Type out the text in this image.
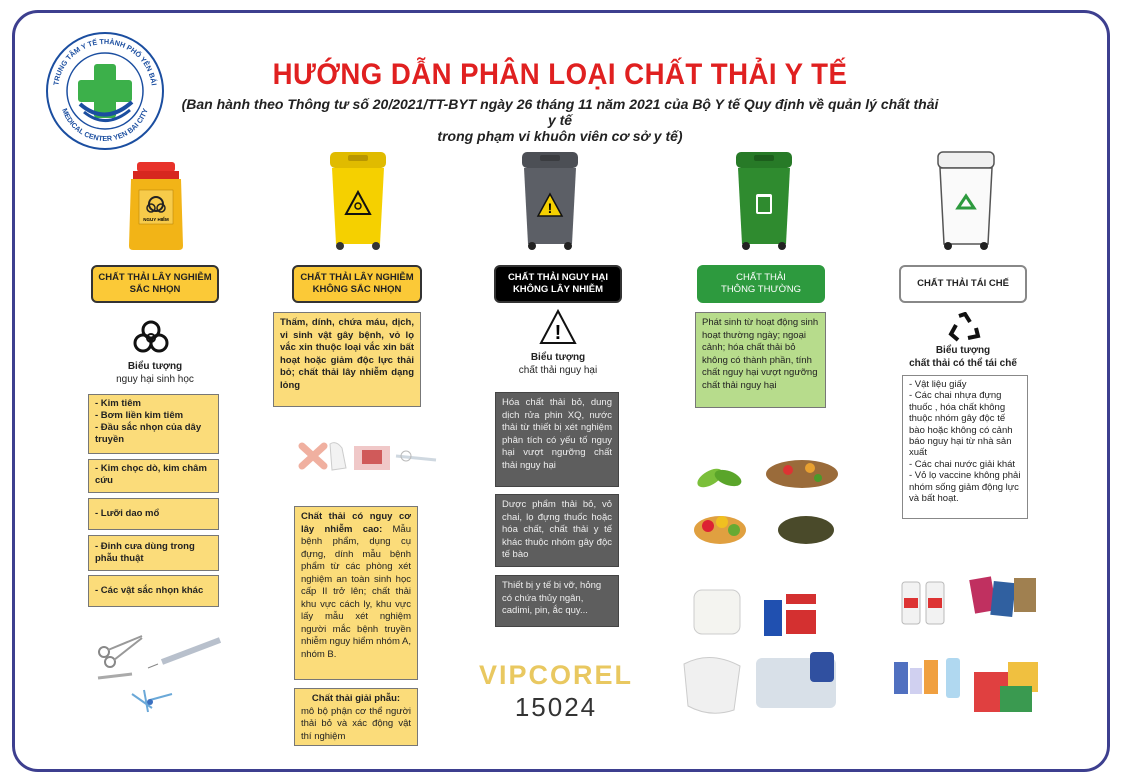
TRUNG TÂM Y TẾ THÀNH PHỐ YÊN BÁI
MEDICAL CENTER YEN BAI CITY
HƯỚNG DẪN PHÂN LOẠI CHẤT THẢI Y TẾ
(Ban hành theo Thông tư số 20/2021/TT-BYT ngày 26 tháng 11 năm 2021 của Bộ Y tế Quy định về quản lý chất thải y tế
trong phạm vi khuôn viên cơ sở y tế)
NGUY HIỂM
CHẤT THẢI LÂY NGHIỄM
SẮC NHỌN
Biểu tượng
nguy hại sinh học
- Kim tiêm
- Bơm liền kim tiêm
- Đầu sắc nhọn của dây truyền
- Kim chọc dò, kim châm cứu
- Lưỡi dao mổ
- Đinh cưa dùng trong phẫu thuật
- Các vật sắc nhọn khác
CHẤT THẢI LÂY NGHIỄM
KHÔNG SẮC NHỌN
Thấm, dính, chứa máu, dịch, vi sinh vật gây bệnh, vỏ lọ vắc xin thuộc loại vắc xin bất hoạt hoặc giảm độc lực thải bỏ; chất thải lây nhiễm dạng lỏng
Chất thải có nguy cơ lây nhiễm cao: Mẫu bệnh phẩm, dụng cụ đựng, dính mẫu bệnh phẩm từ các phòng xét nghiệm an toàn sinh học cấp II trở lên; chất thải khu vực cách ly, khu vực lấy mẫu xét nghiệm người mắc bệnh truyền nhiễm nguy hiểm nhóm A, nhóm B.
Chất thải giải phẫu:
mô bộ phận cơ thể người thải bỏ và xác động vật thí nghiệm
!
CHẤT THẢI NGUY HẠI
KHÔNG LÂY NHIỄM
!
Biểu tượng
chất thải nguy hại
Hóa chất thải bỏ, dung dịch rửa phin XQ, nước thải từ thiết bị xét nghiệm phân tích có yếu tố nguy hại vượt ngưỡng chất thải nguy hại
Dược phẩm thải bỏ, vỏ chai, lọ đựng thuốc hoặc hóa chất, chất thải y tế khác thuộc nhóm gây độc tế bào
Thiết bị y tế bị vỡ, hỏng có chứa thủy ngân, cadimi, pin, ắc quy...
VIPCOREL
15024
CHẤT THẢI
THÔNG THƯỜNG
Phát sinh từ hoạt động sinh hoạt thường ngày; ngoại cảnh; hóa chất thải bỏ không có thành phần, tính chất nguy hại vượt ngưỡng chất thải nguy hại
CHẤT THẢI TÁI CHẾ
Biểu tượng
chất thải có thể tái chế
- Vật liệu giấy
- Các chai nhựa đựng thuốc , hóa chất không thuộc nhóm gây độc tế bào hoặc không có cảnh báo nguy hại từ nhà sản xuất
- Các chai nước giải khát
- Vỏ lọ vaccine không phải nhóm sống giảm động lực và bất hoạt.
